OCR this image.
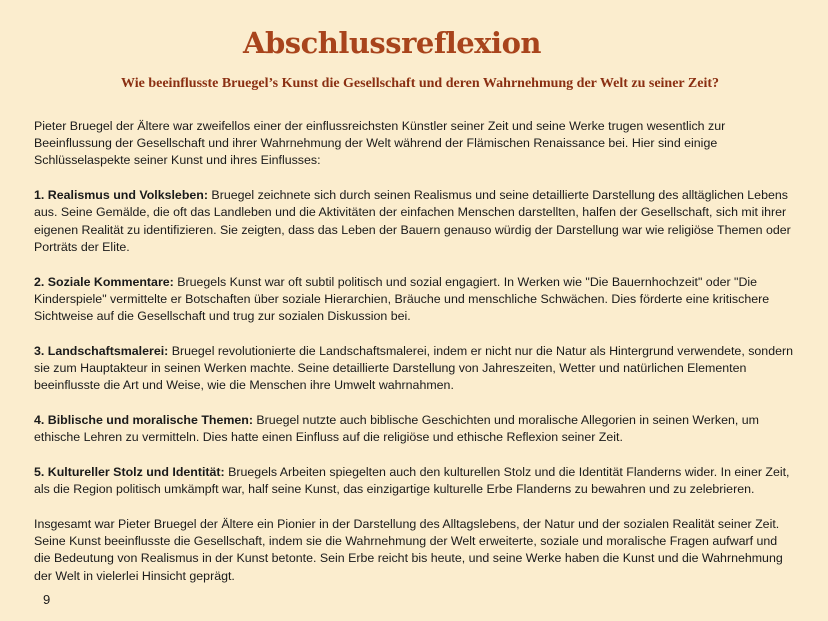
Abschlussreflexion
Wie beeinflusste Bruegel’s Kunst die Gesellschaft und deren Wahrnehmung der Welt zu seiner Zeit?

Pieter Bruegel der Ältere war zweifellos einer der einflussreichsten Künstler seiner Zeit und seine Werke trugen wesentlich zur Beeinflussung der Gesellschaft und ihrer Wahrnehmung der Welt während der Flämischen Renaissance bei. Hier sind einige Schlüsselaspekte seiner Kunst und ihres Einflusses:

1. Realismus und Volksleben: Bruegel zeichnete sich durch seinen Realismus und seine detaillierte Darstellung des alltäglichen Lebens aus. Seine Gemälde, die oft das Landleben und die Aktivitäten der einfachen Menschen darstellten, halfen der Gesellschaft, sich mit ihrer eigenen Realität zu identifizieren. Sie zeigten, dass das Leben der Bauern genauso würdig der Darstellung war wie religiöse Themen oder Porträts der Elite.

2. Soziale Kommentare: Bruegels Kunst war oft subtil politisch und sozial engagiert. In Werken wie "Die Bauernhochzeit" oder "Die Kinderspiele" vermittelte er Botschaften über soziale Hierarchien, Bräuche und menschliche Schwächen. Dies förderte eine kritischere Sichtweise auf die Gesellschaft und trug zur sozialen Diskussion bei.

3. Landschaftsmalerei: Bruegel revolutionierte die Landschaftsmalerei, indem er nicht nur die Natur als Hintergrund verwendete, sondern sie zum Hauptakteur in seinen Werken machte. Seine detaillierte Darstellung von Jahreszeiten, Wetter und natürlichen Elementen beeinflusste die Art und Weise, wie die Menschen ihre Umwelt wahrnahmen.

4. Biblische und moralische Themen: Bruegel nutzte auch biblische Geschichten und moralische Allegorien in seinen Werken, um ethische Lehren zu vermitteln. Dies hatte einen Einfluss auf die religiöse und ethische Reflexion seiner Zeit.

5. Kultureller Stolz und Identität: Bruegels Arbeiten spiegelten auch den kulturellen Stolz und die Identität Flanderns wider. In einer Zeit, als die Region politisch umkämpft war, half seine Kunst, das einzigartige kulturelle Erbe Flanderns zu bewahren und zu zelebrieren.

Insgesamt war Pieter Bruegel der Ältere ein Pionier in der Darstellung des Alltagslebens, der Natur und der sozialen Realität seiner Zeit. Seine Kunst beeinflusste die Gesellschaft, indem sie die Wahrnehmung der Welt erweiterte, soziale und moralische Fragen aufwarf und die Bedeutung von Realismus in der Kunst betonte. Sein Erbe reicht bis heute, und seine Werke haben die Kunst und die Wahrnehmung der Welt in vielerlei Hinsicht geprägt.

9
